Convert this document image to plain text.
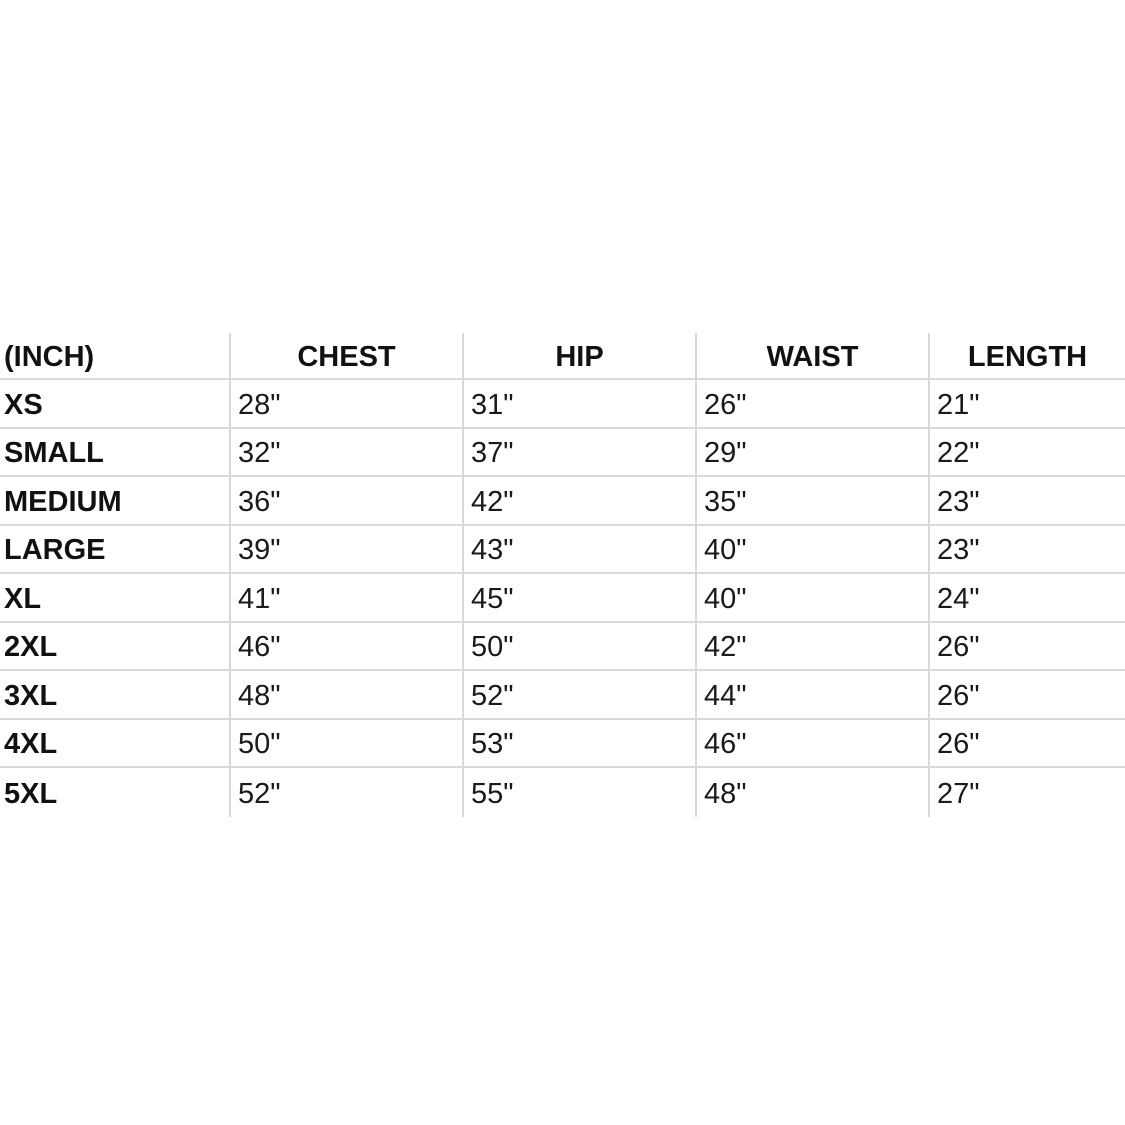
(INCH)	CHEST	HIP	WAIST	LENGTH
XS	28"	31"	26"	21"
SMALL	32"	37"	29"	22"
MEDIUM	36"	42"	35"	23"
LARGE	39"	43"	40"	23"
XL	41"	45"	40"	24"
2XL	46"	50"	42"	26"
3XL	48"	52"	44"	26"
4XL	50"	53"	46"	26"
5XL	52"	55"	48"	27"
